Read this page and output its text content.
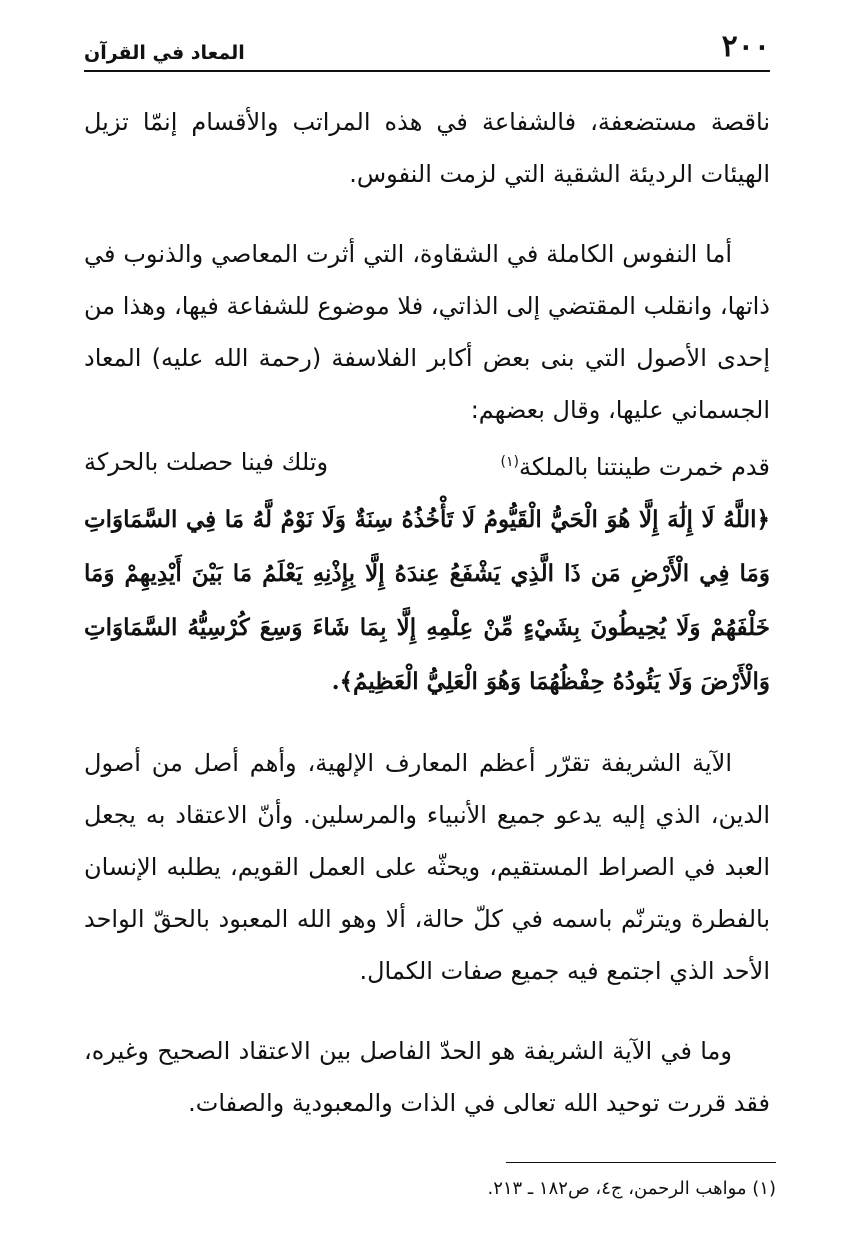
٢٠٠
المعاد في القرآن

ناقصة مستضعفة، فالشفاعة في هذه المراتب والأقسام إنمّا تزيل الهيئات الرديئة الشقية التي لزمت النفوس.

أما النفوس الكاملة في الشقاوة، التي أثرت المعاصي والذنوب في ذاتها، وانقلب المقتضي إلى الذاتي، فلا موضوع للشفاعة فيها، وهذا من إحدى الأصول التي بنى بعض أكابر الفلاسفة (رحمة الله عليه) المعاد الجسماني عليها، وقال بعضهم:

قدم خمرت طينتنا بالملكة$^{(١)}$
وتلك فينا حصلت بالحركة

﴿اللَّهُ لَا إِلَٰهَ إِلَّا هُوَ الْحَيُّ الْقَيُّومُ لَا تَأْخُذُهُ سِنَةٌ وَلَا نَوْمٌ لَّهُ مَا فِي السَّمَاوَاتِ وَمَا فِي الْأَرْضِ مَن ذَا الَّذِي يَشْفَعُ عِندَهُ إِلَّا بِإِذْنِهِ يَعْلَمُ مَا بَيْنَ أَيْدِيهِمْ وَمَا خَلْفَهُمْ وَلَا يُحِيطُونَ بِشَيْءٍ مِّنْ عِلْمِهِ إِلَّا بِمَا شَاءَ وَسِعَ كُرْسِيُّهُ السَّمَاوَاتِ وَالْأَرْضَ وَلَا يَئُودُهُ حِفْظُهُمَا وَهُوَ الْعَلِيُّ الْعَظِيمُ﴾.

الآية الشريفة تقرّر أعظم المعارف الإلهية، وأهم أصل من أصول الدين، الذي إليه يدعو جميع الأنبياء والمرسلين. وأنّ الاعتقاد به يجعل العبد في الصراط المستقيم، ويحثّه على العمل القويم، يطلبه الإنسان بالفطرة ويترنّم باسمه في كلّ حالة، ألا وهو الله المعبود بالحقّ الواحد الأحد الذي اجتمع فيه جميع صفات الكمال.

وما في الآية الشريفة هو الحدّ الفاصل بين الاعتقاد الصحيح وغيره، فقد قررت توحيد الله تعالى في الذات والمعبودية والصفات.

(١) مواهب الرحمن، ج٤، ص١٨٢ ـ ٢١٣.
